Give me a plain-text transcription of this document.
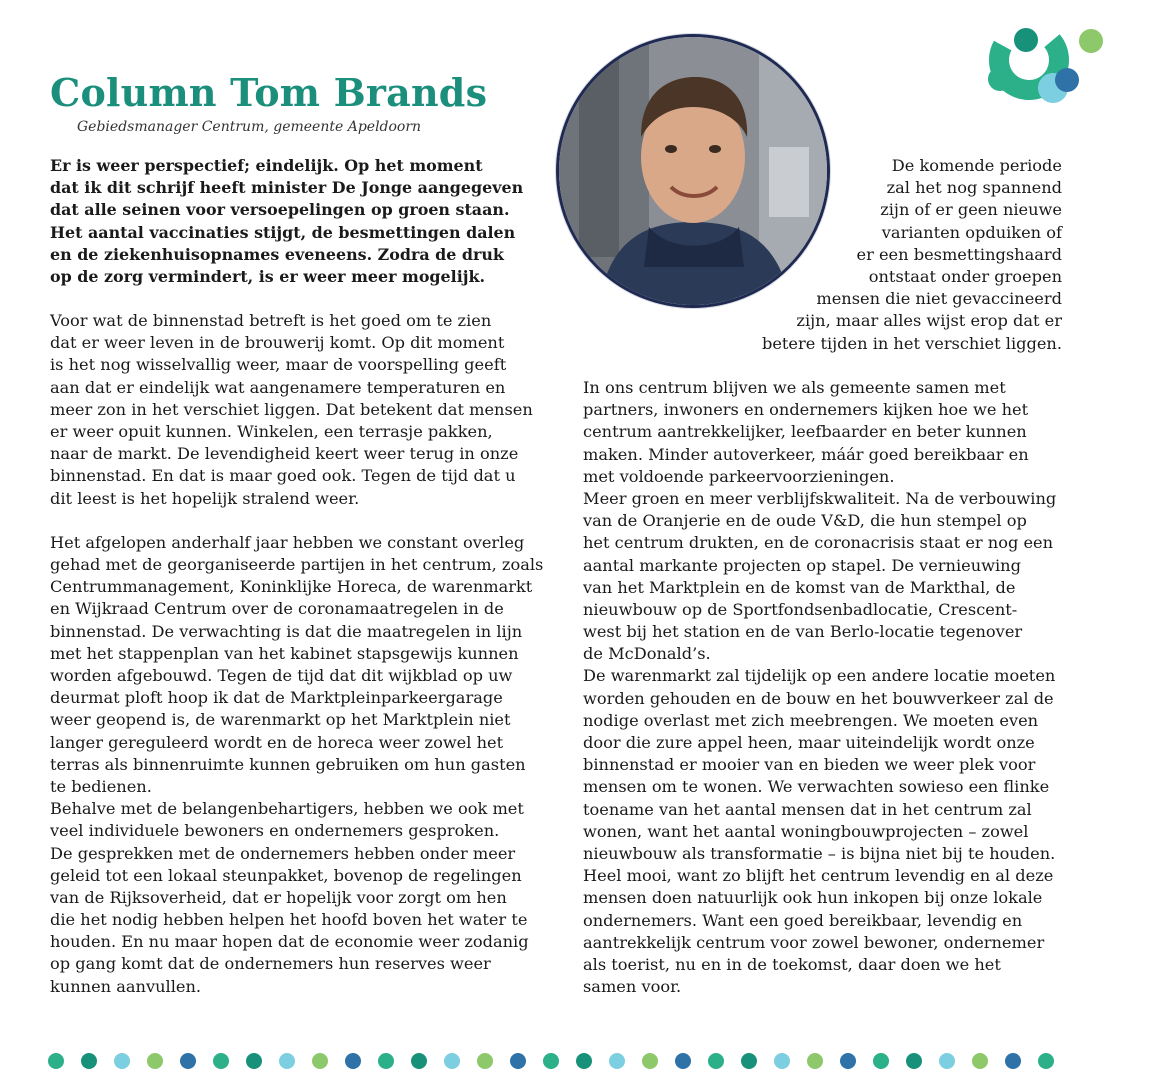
Column Tom Brands
Gebiedsmanager Centrum, gemeente Apeldoorn
Er is weer perspectief; eindelijk. Op het moment
dat ik dit schrijf heeft minister De Jonge aangegeven
dat alle seinen voor versoepelingen op groen staan.
Het aantal vaccinaties stijgt, de besmettingen dalen
en de ziekenhuisopnames eveneens. Zodra de druk
op de zorg vermindert, is er weer meer mogelijk.
De komende periode
zal het nog spannend
zijn of er geen nieuwe
varianten opduiken of
er een besmettingshaard
ontstaat onder groepen
mensen die niet gevaccineerd
zijn, maar alles wijst erop dat er
betere tijden in het verschiet liggen.
Voor wat de binnenstad betreft is het goed om te zien
dat er weer leven in de brouwerij komt. Op dit moment
is het nog wisselvallig weer, maar de voorspelling geeft
aan dat er eindelijk wat aangenamere temperaturen en
meer zon in het verschiet liggen. Dat betekent dat mensen
er weer opuit kunnen. Winkelen, een terrasje pakken,
naar de markt. De levendigheid keert weer terug in onze
binnenstad. En dat is maar goed ook. Tegen de tijd dat u
dit leest is het hopelijk stralend weer.
Het afgelopen anderhalf jaar hebben we constant overleg
gehad met de georganiseerde partijen in het centrum, zoals
Centrummanagement, Koninklijke Horeca, de warenmarkt
en Wijkraad Centrum over de coronamaatregelen in de
binnenstad. De verwachting is dat die maatregelen in lijn
met het stappenplan van het kabinet stapsgewijs kunnen
worden afgebouwd. Tegen de tijd dat dit wijkblad op uw
deurmat ploft hoop ik dat de Marktpleinparkeergarage
weer geopend is, de warenmarkt op het Marktplein niet
langer gereguleerd wordt en de horeca weer zowel het
terras als binnenruimte kunnen gebruiken om hun gasten
te bedienen.
Behalve met de belangenbehartigers, hebben we ook met
veel individuele bewoners en ondernemers gesproken.
De gesprekken met de ondernemers hebben onder meer
geleid tot een lokaal steunpakket, bovenop de regelingen
van de Rijksoverheid, dat er hopelijk voor zorgt om hen
die het nodig hebben helpen het hoofd boven het water te
houden. En nu maar hopen dat de economie weer zodanig
op gang komt dat de ondernemers hun reserves weer
kunnen aanvullen.
In ons centrum blijven we als gemeente samen met
partners, inwoners en ondernemers kijken hoe we het
centrum aantrekkelijker, leefbaarder en beter kunnen
maken. Minder autoverkeer, máár goed bereikbaar en
met voldoende parkeervoorzieningen.
Meer groen en meer verblijfskwaliteit. Na de verbouwing
van de Oranjerie en de oude V&D, die hun stempel op
het centrum drukten, en de coronacrisis staat er nog een
aantal markante projecten op stapel. De vernieuwing
van het Marktplein en de komst van de Markthal, de
nieuwbouw op de Sportfondsenbadlocatie, Crescent-
west bij het station en de van Berlo-locatie tegenover
de McDonald’s.
De warenmarkt zal tijdelijk op een andere locatie moeten
worden gehouden en de bouw en het bouwverkeer zal de
nodige overlast met zich meebrengen. We moeten even
door die zure appel heen, maar uiteindelijk wordt onze
binnenstad er mooier van en bieden we weer plek voor
mensen om te wonen. We verwachten sowieso een flinke
toename van het aantal mensen dat in het centrum zal
wonen, want het aantal woningbouwprojecten – zowel
nieuwbouw als transformatie – is bijna niet bij te houden.
Heel mooi, want zo blijft het centrum levendig en al deze
mensen doen natuurlijk ook hun inkopen bij onze lokale
ondernemers. Want een goed bereikbaar, levendig en
aantrekkelijk centrum voor zowel bewoner, ondernemer
als toerist, nu en in de toekomst, daar doen we het
samen voor.
